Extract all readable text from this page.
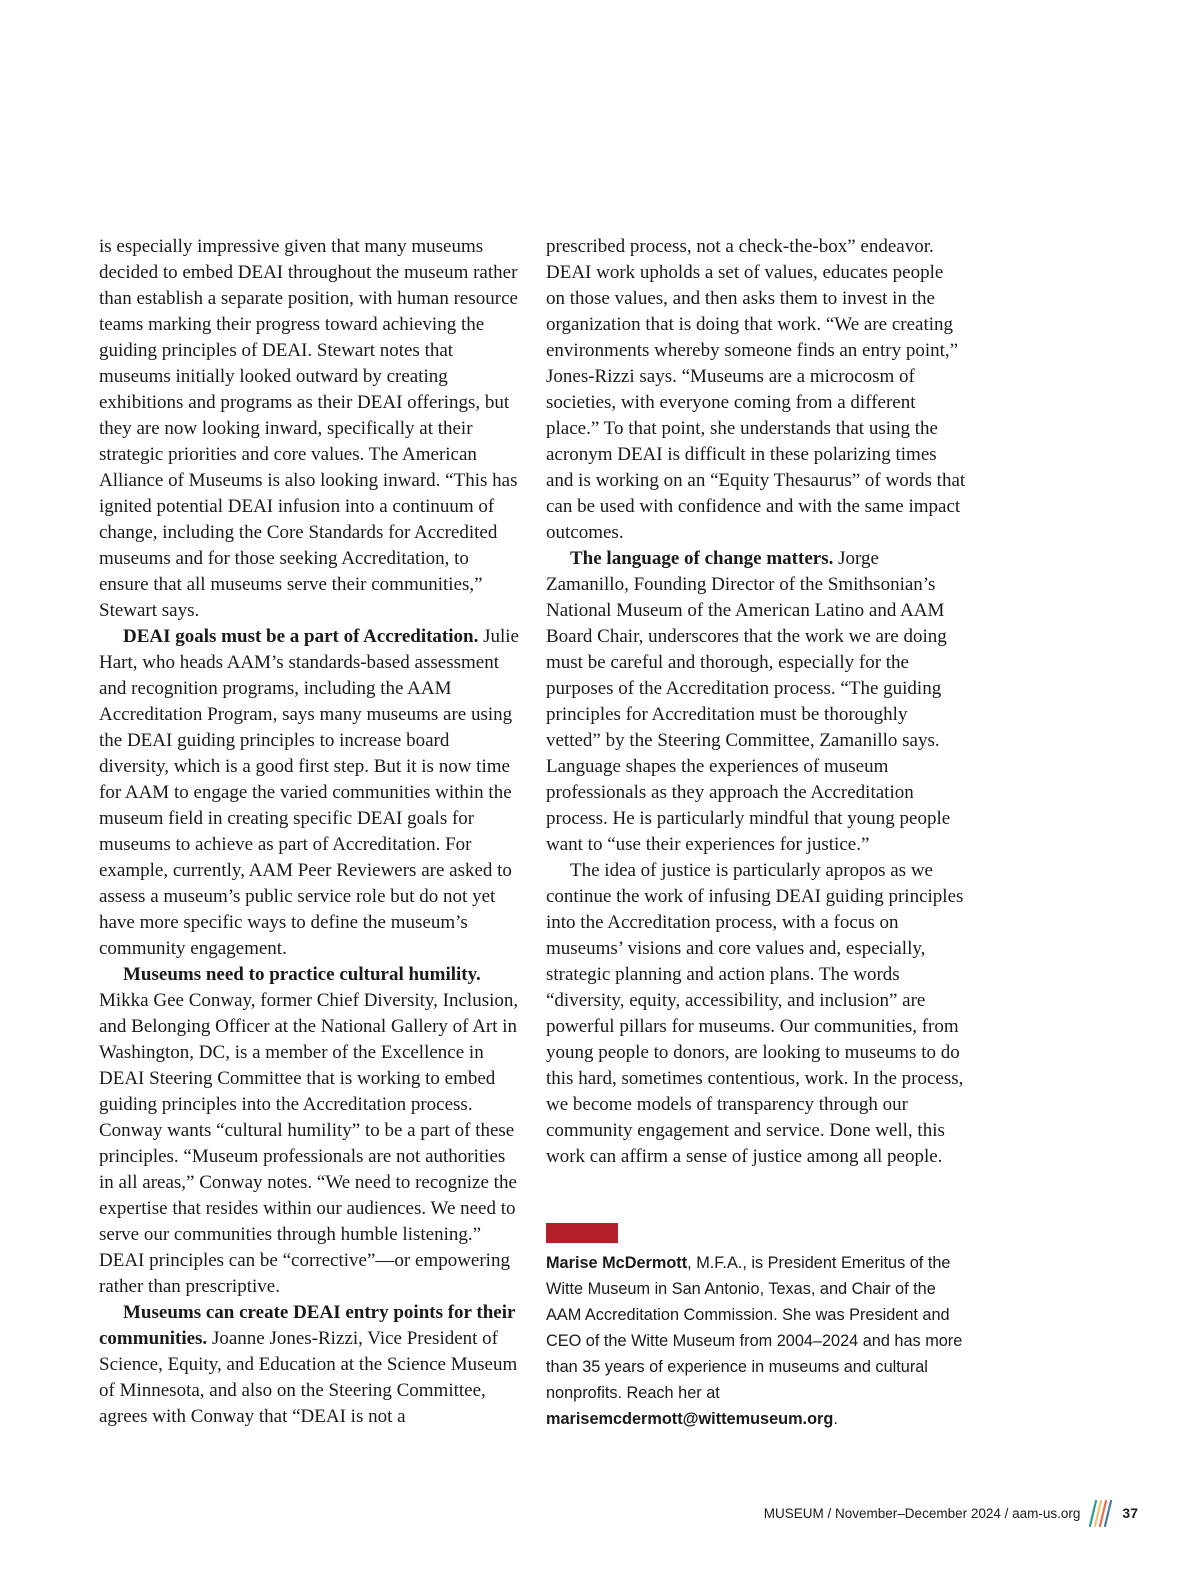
is especially impressive given that many museums decided to embed DEAI throughout the museum rather than establish a separate position, with human resource teams marking their progress toward achieving the guiding principles of DEAI. Stewart notes that museums initially looked outward by creating exhibitions and programs as their DEAI offerings, but they are now looking inward, specifically at their strategic priorities and core values. The American Alliance of Museums is also looking inward. “This has ignited potential DEAI infusion into a continuum of change, including the Core Standards for Accredited museums and for those seeking Accreditation, to ensure that all museums serve their communities,” Stewart says.

DEAI goals must be a part of Accreditation. Julie Hart, who heads AAM’s standards-based assessment and recognition programs, including the AAM Accreditation Program, says many museums are using the DEAI guiding principles to increase board diversity, which is a good first step. But it is now time for AAM to engage the varied communities within the museum field in creating specific DEAI goals for museums to achieve as part of Accreditation. For example, currently, AAM Peer Reviewers are asked to assess a museum’s public service role but do not yet have more specific ways to define the museum’s community engagement.

Museums need to practice cultural humility. Mikka Gee Conway, former Chief Diversity, Inclusion, and Belonging Officer at the National Gallery of Art in Washington, DC, is a member of the Excellence in DEAI Steering Committee that is working to embed guiding principles into the Accreditation process. Conway wants “cultural humility” to be a part of these principles. “Museum professionals are not authorities in all areas,” Conway notes. “We need to recognize the expertise that resides within our audiences. We need to serve our communities through humble listening.” DEAI principles can be “corrective”—or empowering rather than prescriptive.

Museums can create DEAI entry points for their communities. Joanne Jones-Rizzi, Vice President of Science, Equity, and Education at the Science Museum of Minnesota, and also on the Steering Committee, agrees with Conway that “DEAI is not a

prescribed process, not a check-the-box” endeavor. DEAI work upholds a set of values, educates people on those values, and then asks them to invest in the organization that is doing that work. “We are creating environments whereby someone finds an entry point,” Jones-Rizzi says. “Museums are a microcosm of societies, with everyone coming from a different place.” To that point, she understands that using the acronym DEAI is difficult in these polarizing times and is working on an “Equity Thesaurus” of words that can be used with confidence and with the same impact outcomes.

The language of change matters. Jorge Zamanillo, Founding Director of the Smithsonian’s National Museum of the American Latino and AAM Board Chair, underscores that the work we are doing must be careful and thorough, especially for the purposes of the Accreditation process. “The guiding principles for Accreditation must be thoroughly vetted” by the Steering Committee, Zamanillo says. Language shapes the experiences of museum professionals as they approach the Accreditation process. He is particularly mindful that young people want to “use their experiences for justice.”

The idea of justice is particularly apropos as we continue the work of infusing DEAI guiding principles into the Accreditation process, with a focus on museums’ visions and core values and, especially, strategic planning and action plans. The words “diversity, equity, accessibility, and inclusion” are powerful pillars for museums. Our communities, from young people to donors, are looking to museums to do this hard, sometimes contentious, work. In the process, we become models of transparency through our community engagement and service. Done well, this work can affirm a sense of justice among all people.

Marise McDermott, M.F.A., is President Emeritus of the Witte Museum in San Antonio, Texas, and Chair of the AAM Accreditation Commission. She was President and CEO of the Witte Museum from 2004–2024 and has more than 35 years of experience in museums and cultural nonprofits. Reach her at marisemcdermott@wittemuseum.org.

MUSEUM / November–December 2024 / aam-us.org	37
